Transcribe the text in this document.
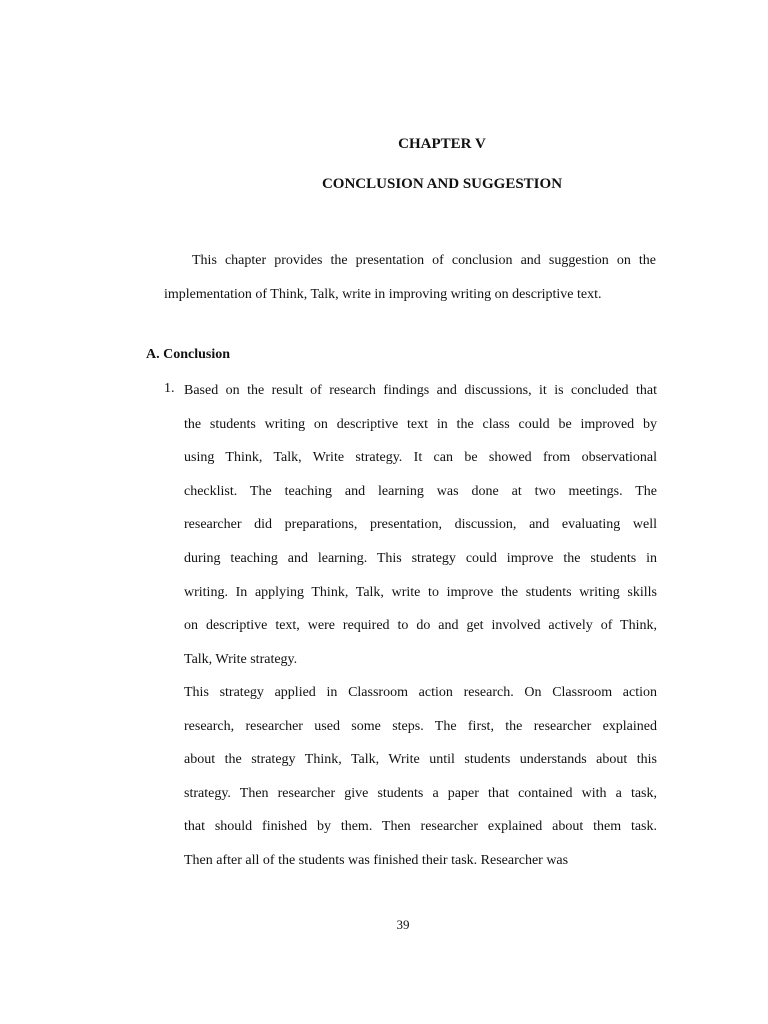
CHAPTER V
CONCLUSION AND SUGGESTION

This chapter provides the presentation of conclusion and suggestion on the
implementation of Think, Talk, write in improving writing on descriptive text.

A. Conclusion
1. Based on the result of research findings and discussions, it is concluded that
the students writing on descriptive text in the class could be improved by
using Think, Talk, Write strategy. It can be showed from observational
checklist. The teaching and learning was done at two meetings. The
researcher did preparations, presentation, discussion, and evaluating well
during teaching and learning. This strategy could improve the students in
writing. In applying Think, Talk, write to improve the students writing skills
on descriptive text, were required to do and get involved actively of Think,
Talk, Write strategy.

This strategy applied in Classroom action research. On Classroom action
research, researcher used some steps. The first, the researcher explained
about the strategy Think, Talk, Write until students understands about this
strategy. Then researcher give students a paper that contained with a task,
that should finished by them. Then researcher explained about them task.
Then after all of the students was finished their task. Researcher was

39
